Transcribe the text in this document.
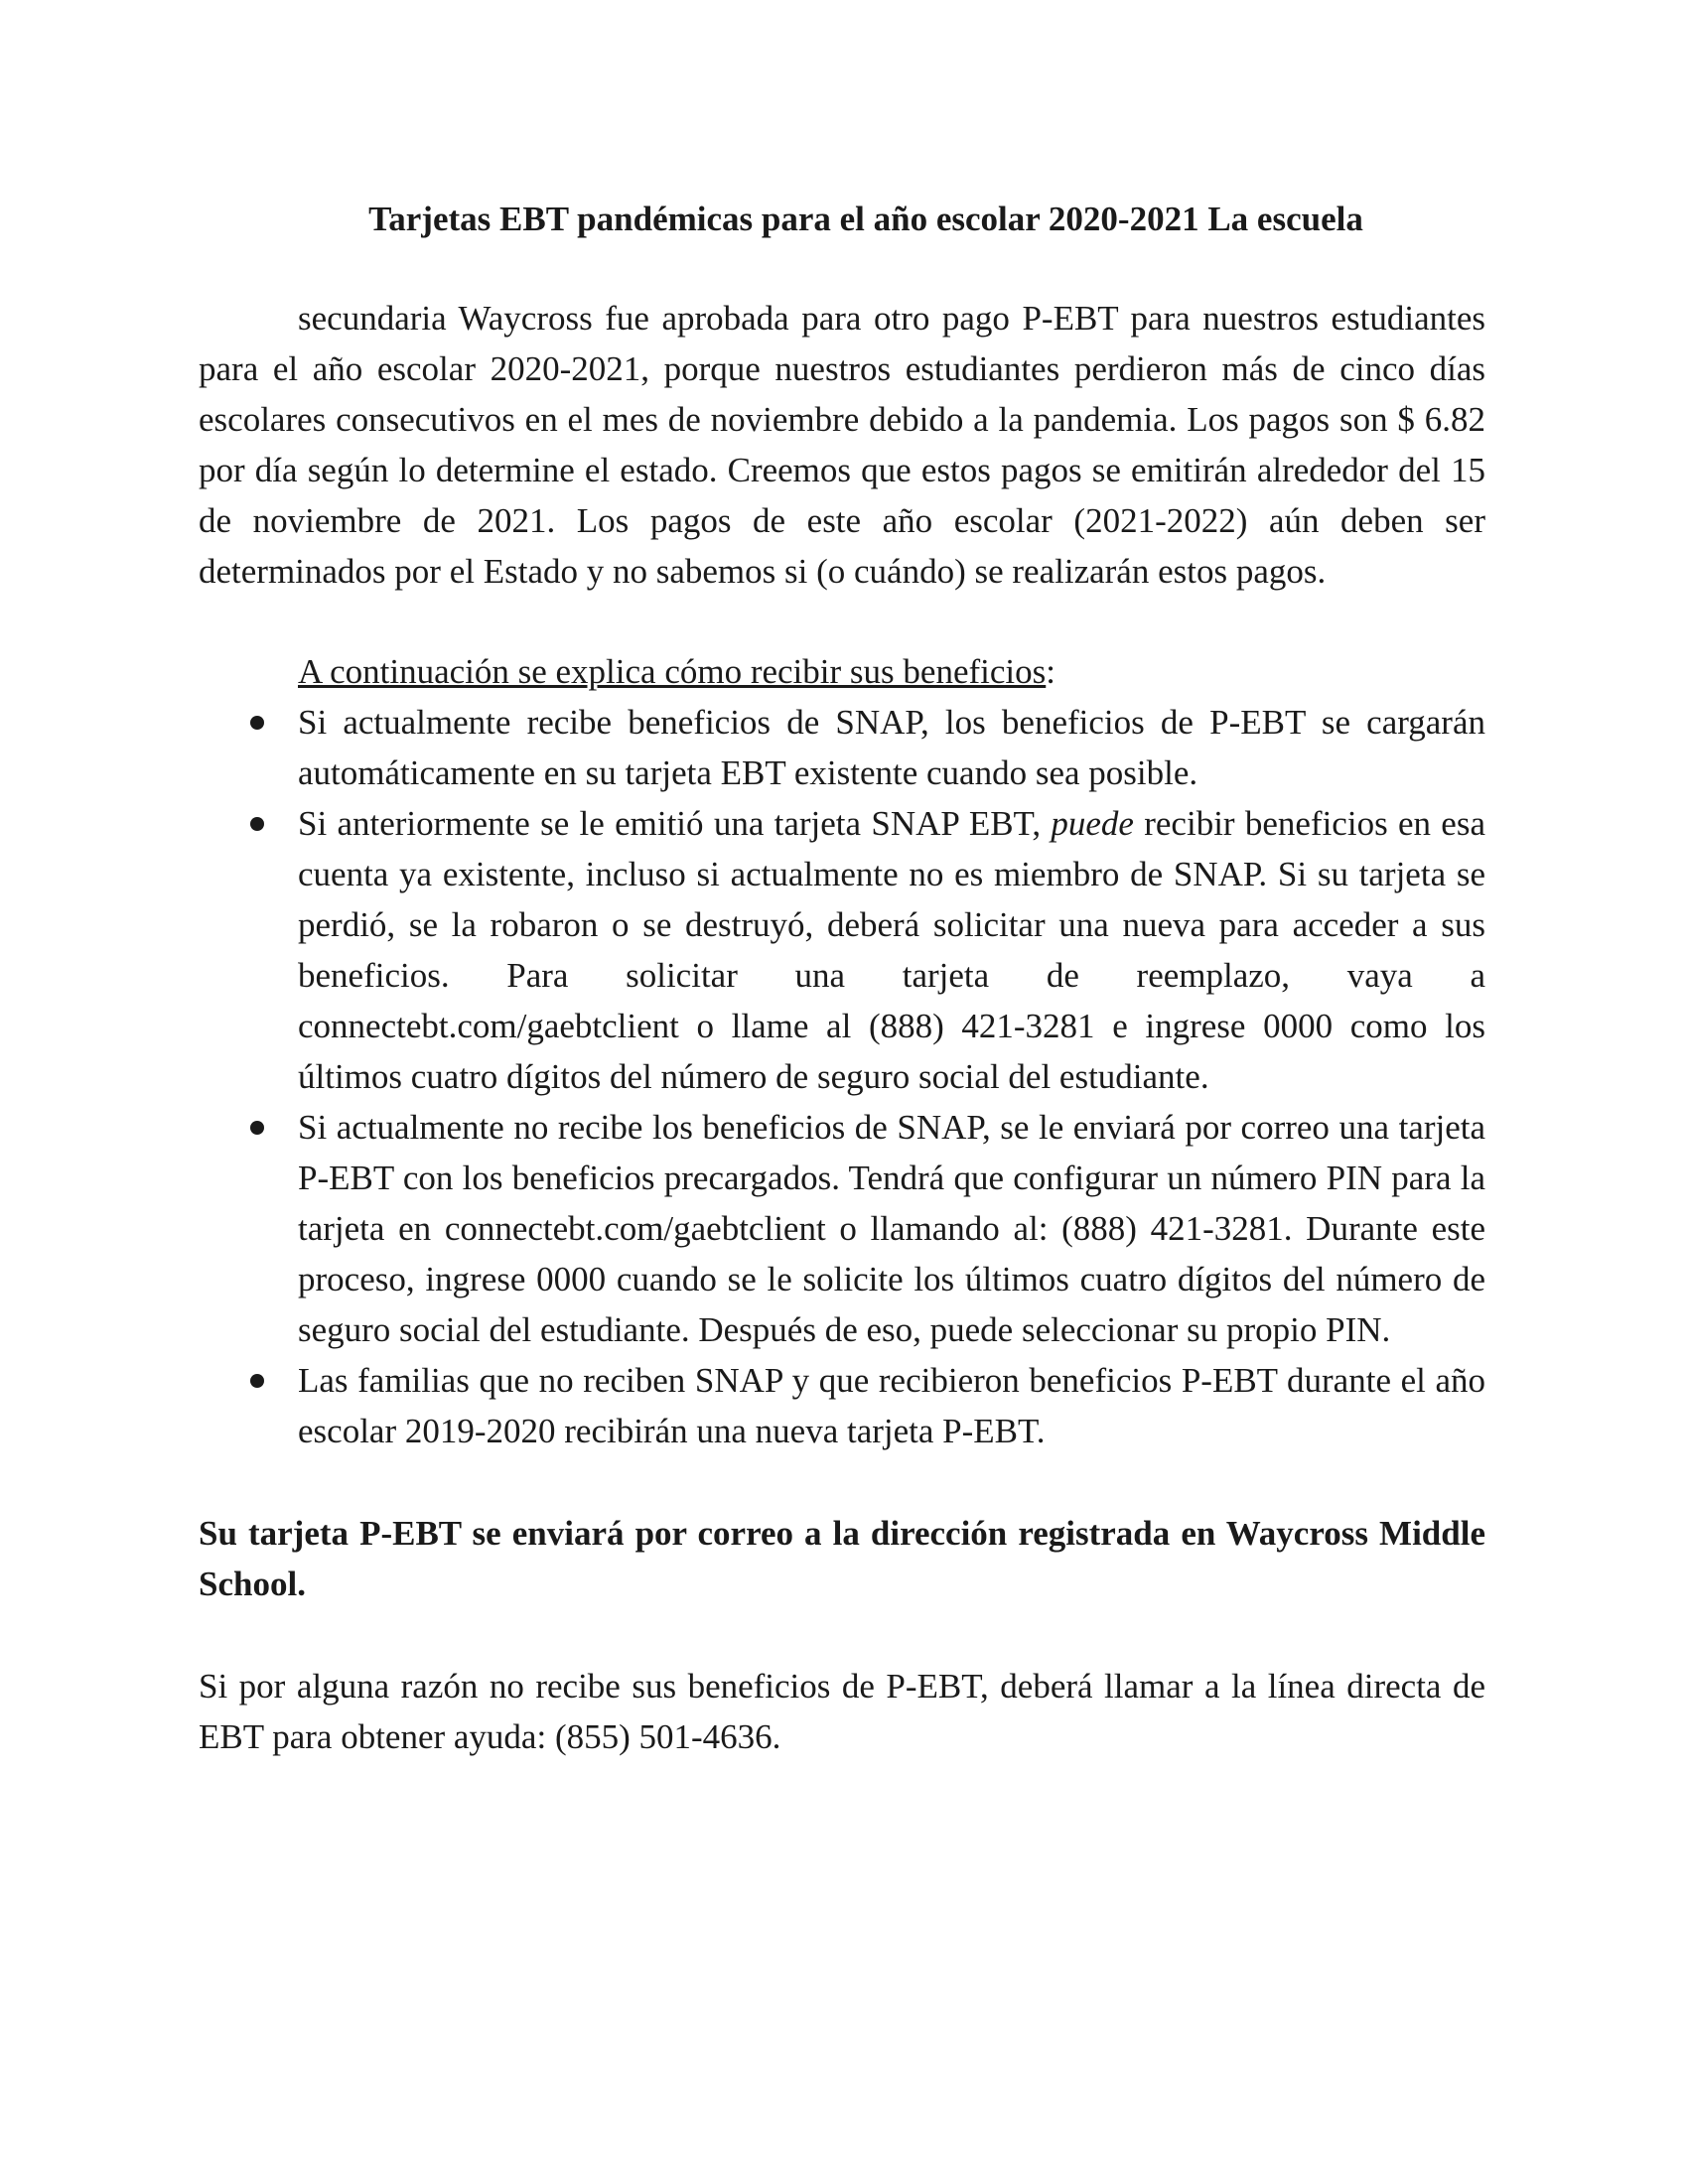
Tarjetas EBT pandémicas para el año escolar 2020-2021 La escuela

secundaria Waycross fue aprobada para otro pago P-EBT para nuestros estudiantes para el año escolar 2020-2021, porque nuestros estudiantes perdieron más de cinco días escolares consecutivos en el mes de noviembre debido a la pandemia. Los pagos son $ 6.82 por día según lo determine el estado. Creemos que estos pagos se emitirán alrededor del 15 de noviembre de 2021. Los pagos de este año escolar (2021-2022) aún deben ser determinados por el Estado y no sabemos si (o cuándo) se realizarán estos pagos.

A continuación se explica cómo recibir sus beneficios:

Si actualmente recibe beneficios de SNAP, los beneficios de P-EBT se cargarán automáticamente en su tarjeta EBT existente cuando sea posible.
Si anteriormente se le emitió una tarjeta SNAP EBT, puede recibir beneficios en esa cuenta ya existente, incluso si actualmente no es miembro de SNAP. Si su tarjeta se perdió, se la robaron o se destruyó, deberá solicitar una nueva para acceder a sus beneficios. Para solicitar una tarjeta de reemplazo, vaya a connectebt.com/gaebtclient o llame al (888) 421-3281 e ingrese 0000 como los últimos cuatro dígitos del número de seguro social del estudiante.
Si actualmente no recibe los beneficios de SNAP, se le enviará por correo una tarjeta P-EBT con los beneficios precargados. Tendrá que configurar un número PIN para la tarjeta en connectebt.com/gaebtclient o llamando al: (888) 421-3281. Durante este proceso, ingrese 0000 cuando se le solicite los últimos cuatro dígitos del número de seguro social del estudiante. Después de eso, puede seleccionar su propio PIN.
Las familias que no reciben SNAP y que recibieron beneficios P-EBT durante el año escolar 2019-2020 recibirán una nueva tarjeta P-EBT.

Su tarjeta P-EBT se enviará por correo a la dirección registrada en Waycross Middle School.

Si por alguna razón no recibe sus beneficios de P-EBT, deberá llamar a la línea directa de EBT para obtener ayuda: (855) 501-4636.
